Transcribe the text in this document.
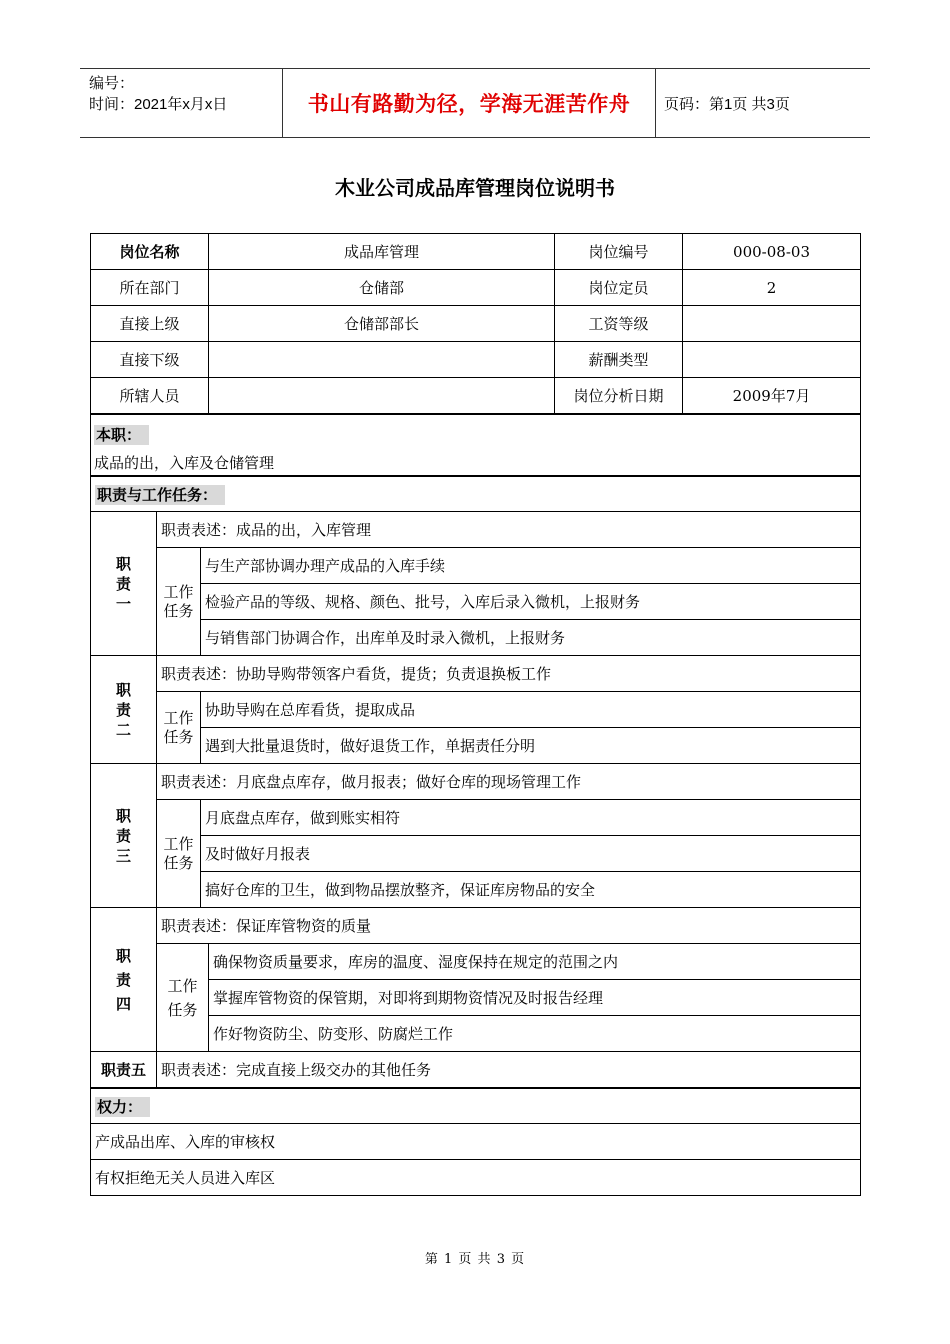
编号：
时间：2021年x月x日	书山有路勤为径，学海无涯苦作舟	页码：第1页 共3页
木业公司成品库管理岗位说明书
岗位名称			成品库管理	岗位编号	000-08-03
所在部门			仓储部	岗位定员	2
直接上级			仓储部部长	工资等级	
直接下级				薪酬类型	
所辖人员				岗位分析日期	2009年7月

本职：
成品的出，入库及仓储管理					

职责与工作任务：					

职责一	职责表述：成品的出，入库管理				

	工作任务	与生产部协调办理产成品的入库手续			
		检验产品的等级、规格、颜色、批号，入库后录入微机，上报财务			
		与销售部门协调合作，出库单及时录入微机，上报财务			

职责二	职责表述：协助导购带领客户看货，提货；负责退换板工作				

	工作任务	协助导购在总库看货，提取成品			
		遇到大批量退货时，做好退货工作，单据责任分明			

职责三	职责表述：月底盘点库存，做月报表；做好仓库的现场管理工作				

	工作任务	月底盘点库存，做到账实相符			
		及时做好月报表			
		搞好仓库的卫生，做到物品摆放整齐，保证库房物品的安全			

职责四	职责表述：保证库管物资的质量				

	工作任务		确保物资质量要求，库房的温度、湿度保持在规定的范围之内		
			掌握库管物资的保管期，对即将到期物资情况及时报告经理		
			作好物资防尘、防变形、防腐烂工作		
职责五	职责表述：完成直接上级交办的其他任务				
权力：					
产成品出库、入库的审核权					
有权拒绝无关人员进入库区					
第 1 页 共 3 页
